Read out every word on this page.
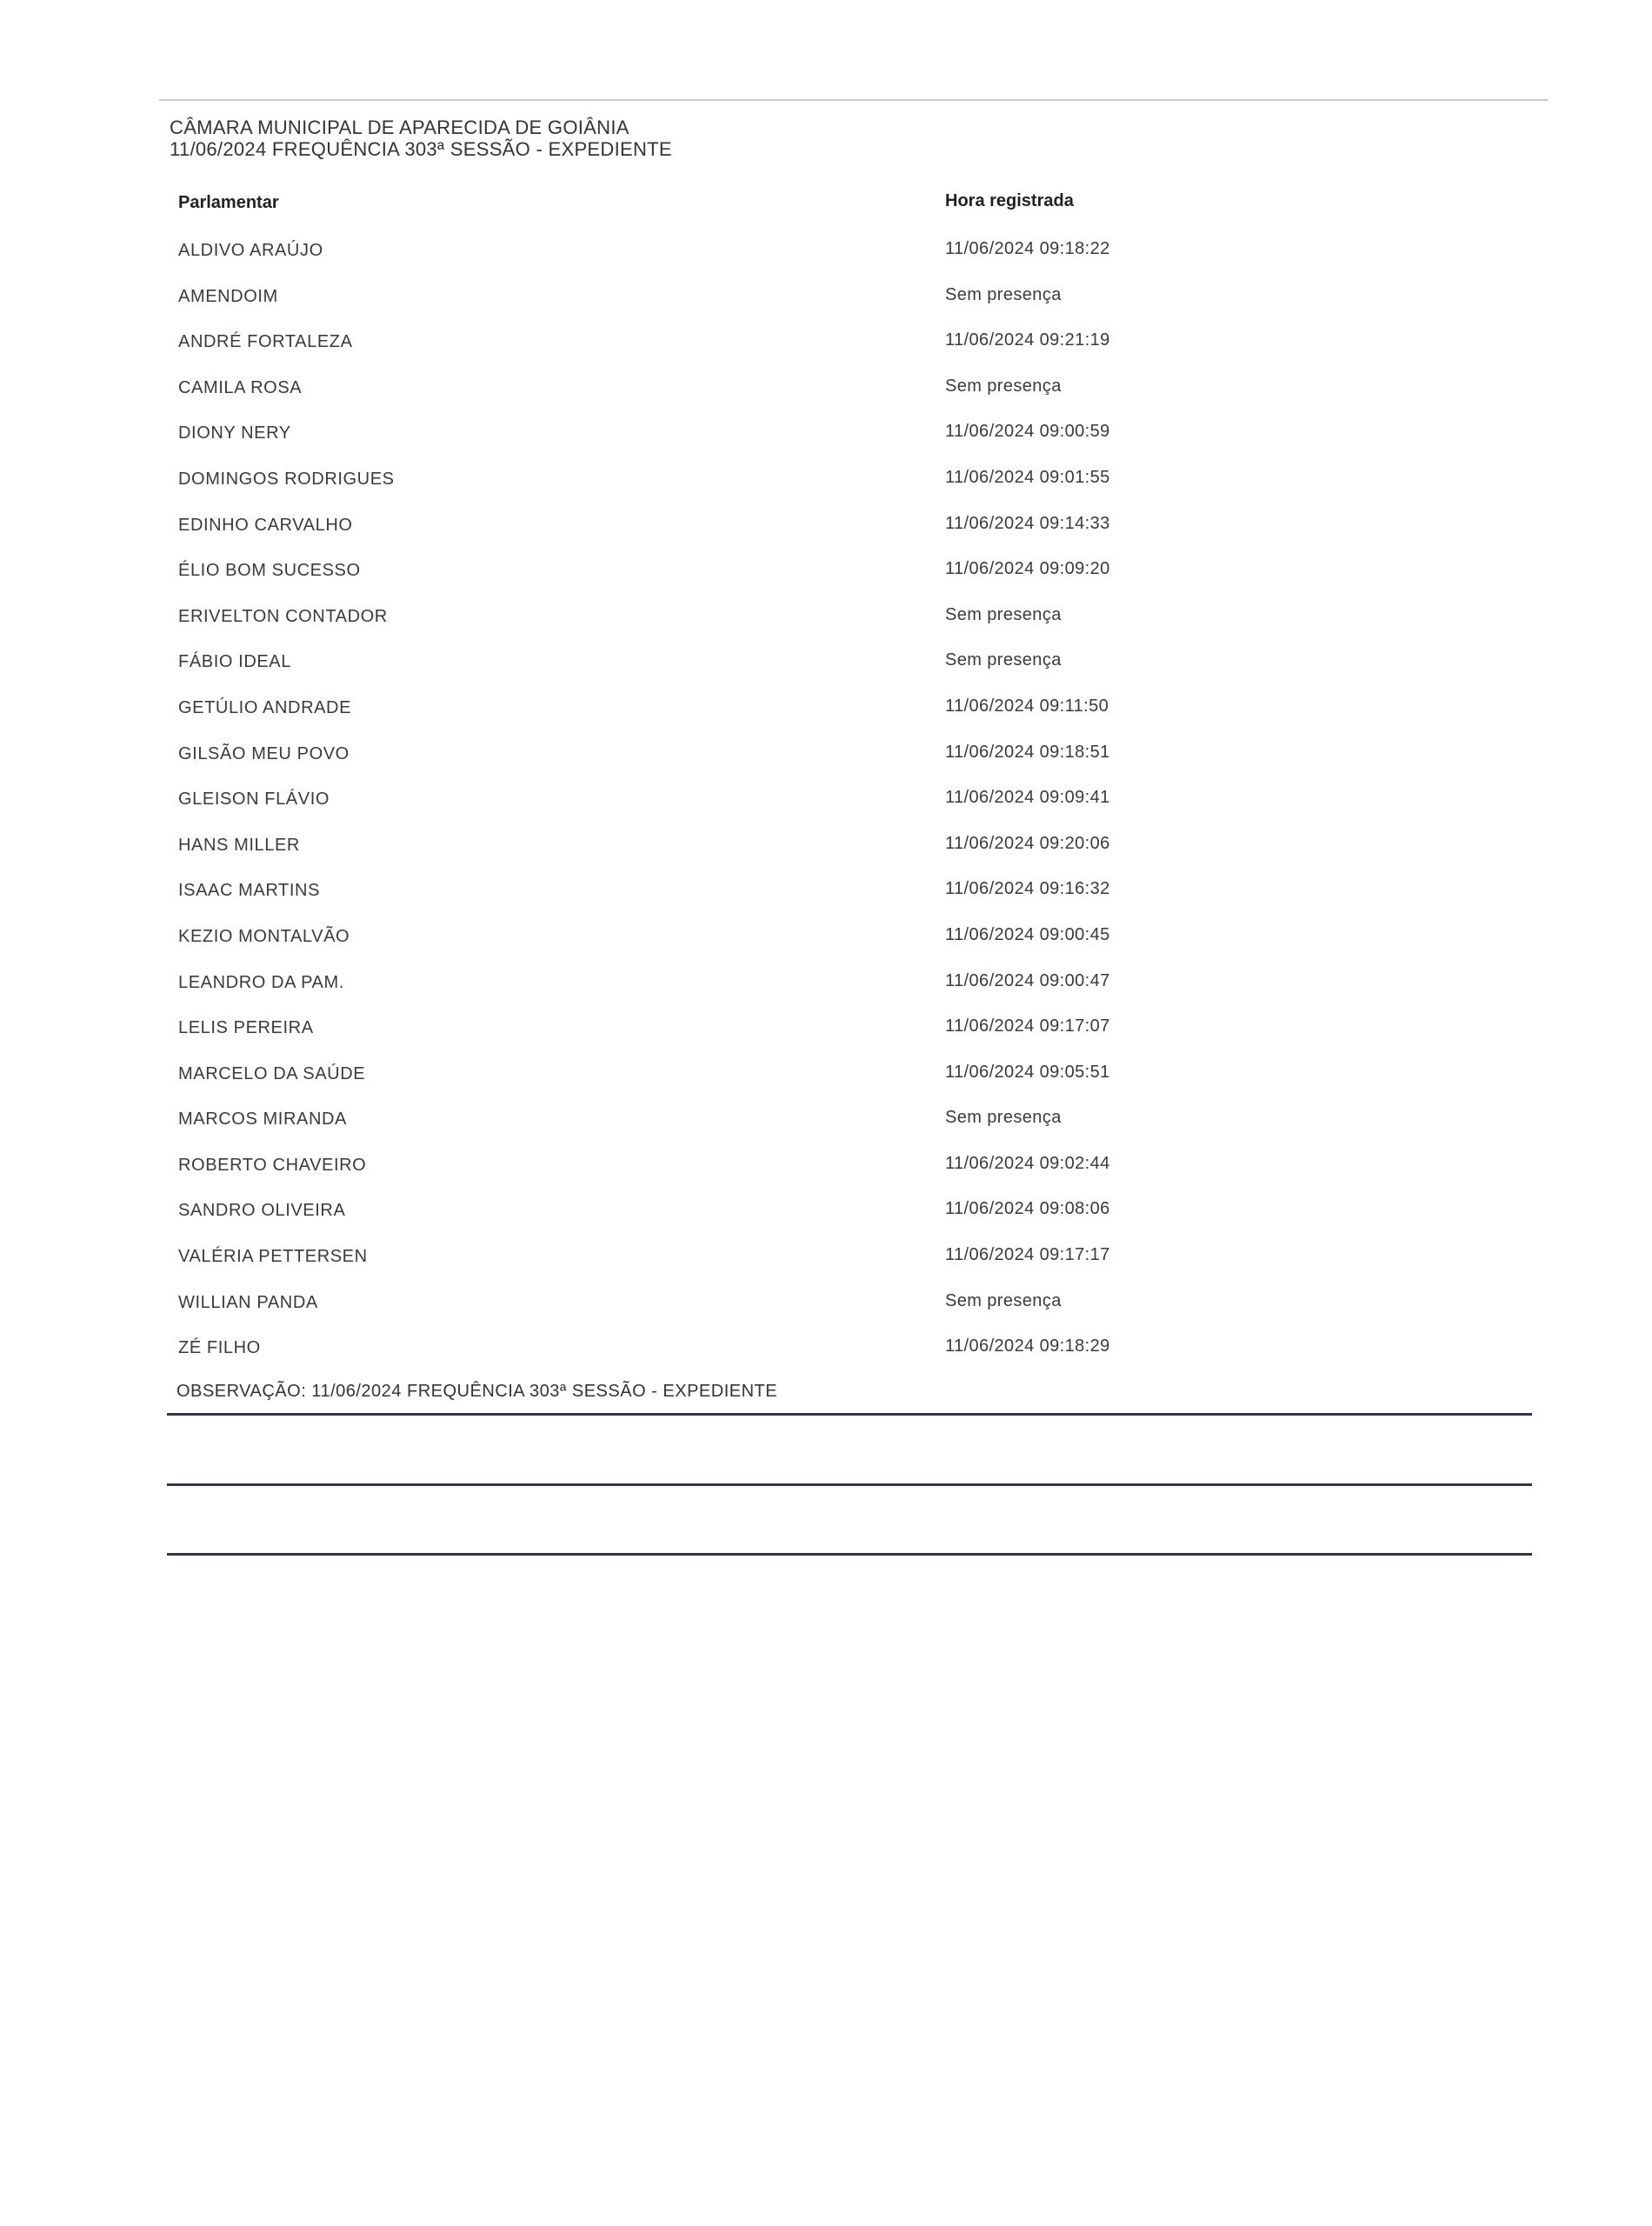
CÂMARA MUNICIPAL DE APARECIDA DE GOIÂNIA
11/06/2024 FREQUÊNCIA 303ª SESSÃO - EXPEDIENTE
Parlamentar	Hora registrada
ALDIVO ARAÚJO	11/06/2024 09:18:22
AMENDOIM	Sem presença
ANDRÉ FORTALEZA	11/06/2024 09:21:19
CAMILA ROSA	Sem presença
DIONY NERY	11/06/2024 09:00:59
DOMINGOS RODRIGUES	11/06/2024 09:01:55
EDINHO CARVALHO	11/06/2024 09:14:33
ÉLIO BOM SUCESSO	11/06/2024 09:09:20
ERIVELTON CONTADOR	Sem presença
FÁBIO IDEAL	Sem presença
GETÚLIO ANDRADE	11/06/2024 09:11:50
GILSÃO MEU POVO	11/06/2024 09:18:51
GLEISON FLÁVIO	11/06/2024 09:09:41
HANS MILLER	11/06/2024 09:20:06
ISAAC MARTINS	11/06/2024 09:16:32
KEZIO MONTALVÃO	11/06/2024 09:00:45
LEANDRO DA PAM.	11/06/2024 09:00:47
LELIS PEREIRA	11/06/2024 09:17:07
MARCELO DA SAÚDE	11/06/2024 09:05:51
MARCOS MIRANDA	Sem presença
ROBERTO CHAVEIRO	11/06/2024 09:02:44
SANDRO OLIVEIRA	11/06/2024 09:08:06
VALÉRIA PETTERSEN	11/06/2024 09:17:17
WILLIAN PANDA	Sem presença
ZÉ FILHO	11/06/2024 09:18:29
OBSERVAÇÃO: 11/06/2024 FREQUÊNCIA 303ª SESSÃO - EXPEDIENTE
